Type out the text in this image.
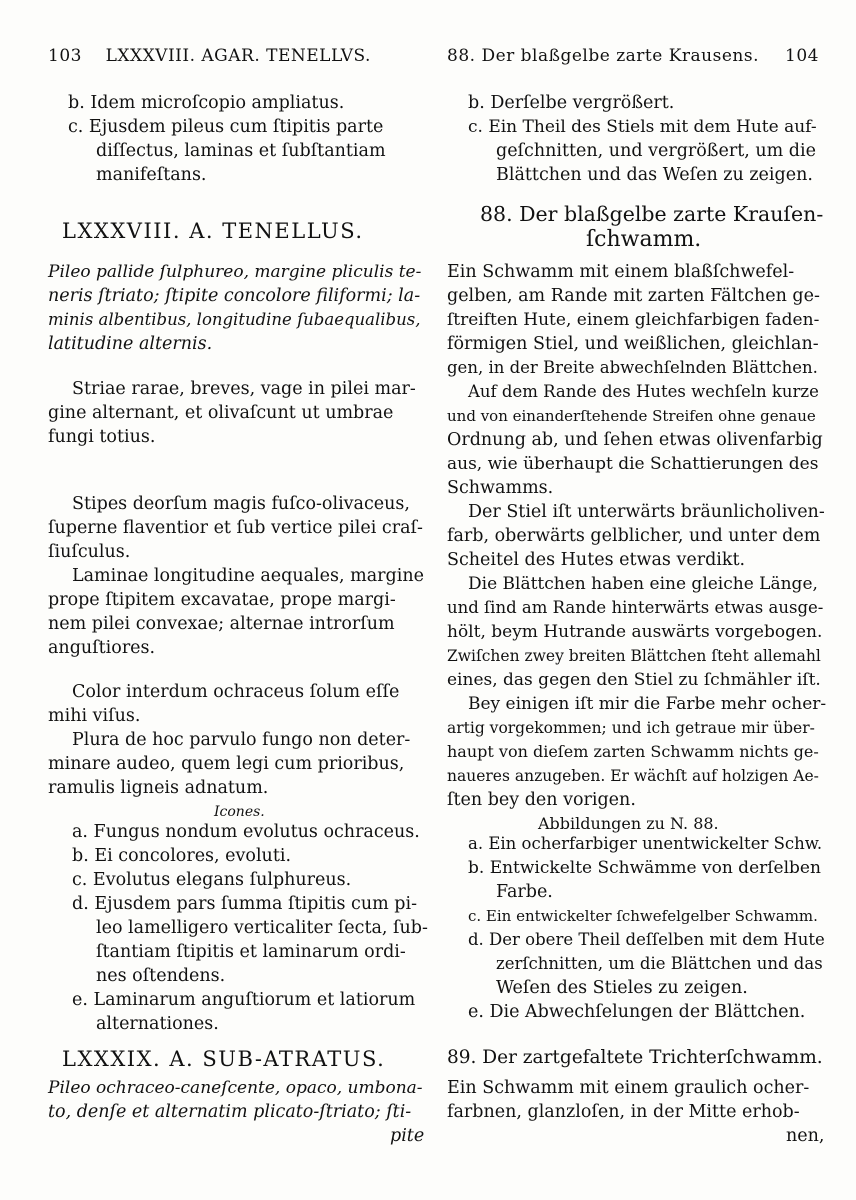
103 LXXXVIII. AGAR. TENELLVS.	88. Der blaßgelbe zarte Krausens. 104
b. Idem microſcopio ampliatus.
c. Ejusdem pileus cum ſtipitis parte
diſſectus, laminas et ſubſtantiam
manifeſtans.
LXXXVIII. A. TENELLUS.
Pileo pallide ſulphureo, margine pliculis te-
neris ſtriato; ſtipite concolore filiformi; la-
minis albentibus, longitudine ſubaequalibus,
latitudine alternis.
Striae rarae, breves, vage in pilei mar-
gine alternant, et olivaſcunt ut umbrae
fungi totius.
Stipes deorſum magis fuſco-olivaceus,
ſuperne flaventior et ſub vertice pilei craſ-
ſiuſculus.
Laminae longitudine aequales, margine
prope ſtipitem excavatae, prope margi-
nem pilei convexae; alternae introrſum
anguſtiores.
Color interdum ochraceus ſolum eſſe
mihi viſus.
Plura de hoc parvulo fungo non deter-
minare audeo, quem legi cum prioribus,
ramulis ligneis adnatum.
Icones.
a. Fungus nondum evolutus ochraceus.
b. Ei concolores, evoluti.
c. Evolutus elegans ſulphureus.
d. Ejusdem pars ſumma ſtipitis cum pi-
leo lamelligero verticaliter ſecta, ſub-
ſtantiam ſtipitis et laminarum ordi-
nes oſtendens.
e. Laminarum anguſtiorum et latiorum
alternationes.
LXXXIX. A. SUB-ATRATUS.
Pileo ochraceo-caneſcente, opaco, umbona-
to, denſe et alternatim plicato-ſtriato; ſti-
pite
b. Derſelbe vergrößert.
c. Ein Theil des Stiels mit dem Hute auf-
geſchnitten, und vergrößert, um die
Blättchen und das Weſen zu zeigen.
88. Der blaßgelbe zarte Krauſen-
ſchwamm.
Ein Schwamm mit einem blaßſchwefel-
gelben, am Rande mit zarten Fältchen ge-
ſtreiften Hute, einem gleichfarbigen faden-
förmigen Stiel, und weißlichen, gleichlan-
gen, in der Breite abwechſelnden Blättchen.
Auf dem Rande des Hutes wechſeln kurze
und von einanderſtehende Streifen ohne genaue
Ordnung ab, und ſehen etwas olivenfarbig
aus, wie überhaupt die Schattierungen des
Schwamms.
Der Stiel iſt unterwärts bräunlicholiven-
farb, oberwärts gelblicher, und unter dem
Scheitel des Hutes etwas verdikt.
Die Blättchen haben eine gleiche Länge,
und ſind am Rande hinterwärts etwas ausge-
hölt, beym Hutrande auswärts vorgebogen.
Zwiſchen zwey breiten Blättchen ſteht allemahl
eines, das gegen den Stiel zu ſchmähler iſt.
Bey einigen iſt mir die Farbe mehr ocher-
artig vorgekommen; und ich getraue mir über-
haupt von dieſem zarten Schwamm nichts ge-
naueres anzugeben. Er wächſt auf holzigen Ae-
ſten bey den vorigen.
Abbildungen zu N. 88.
a. Ein ocherfarbiger unentwickelter Schw.
b. Entwickelte Schwämme von derſelben
Farbe.
c. Ein entwickelter ſchwefelgelber Schwamm.
d. Der obere Theil deſſelben mit dem Hute
zerſchnitten, um die Blättchen und das
Weſen des Stieles zu zeigen.
e. Die Abwechſelungen der Blättchen.
89. Der zartgefaltete Trichterſchwamm.
Ein Schwamm mit einem graulich ocher-
farbnen, glanzloſen, in der Mitte erhob-
nen,
